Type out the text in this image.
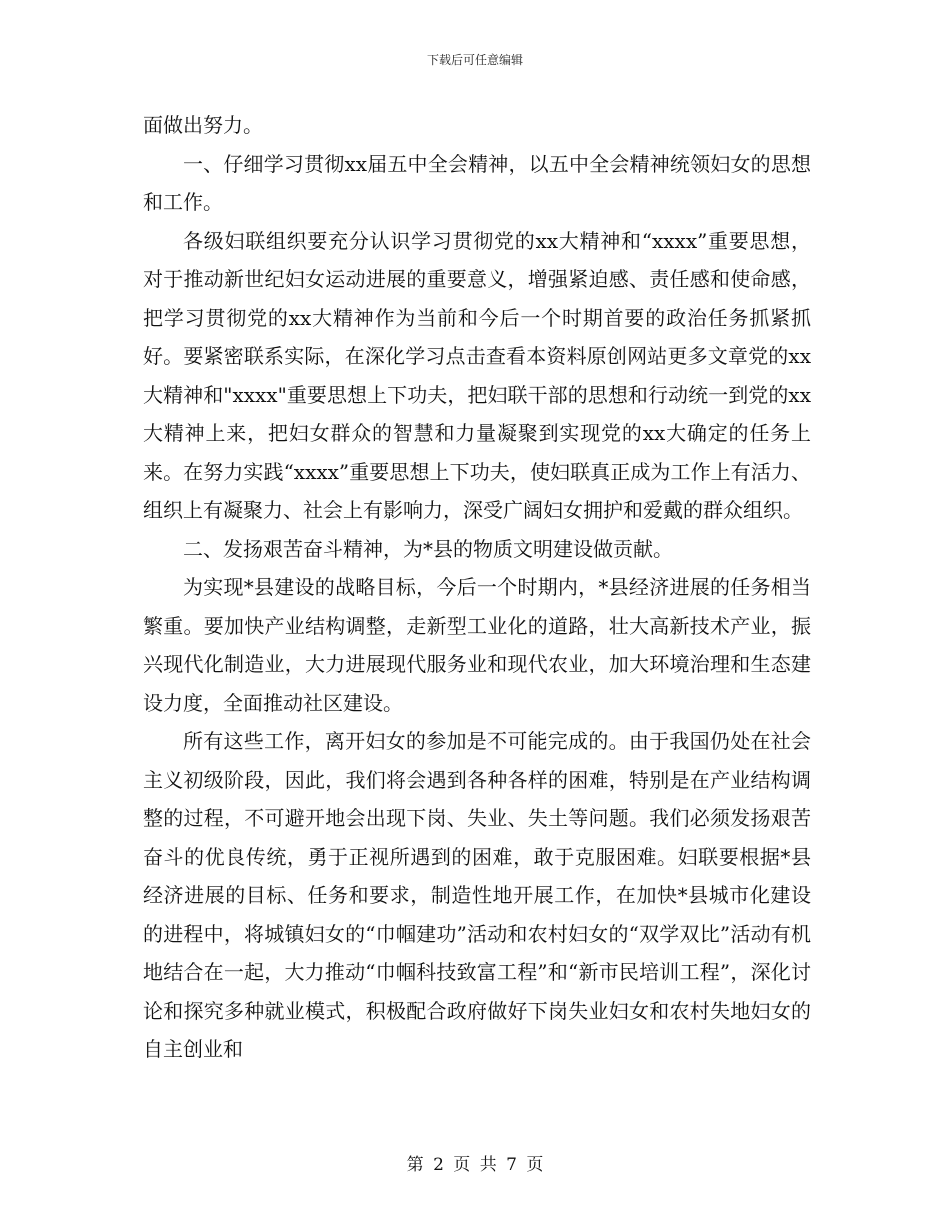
下载后可任意编辑

面做出努力。

一、仔细学习贯彻xx届五中全会精神，以五中全会精神统领妇女的思想和工作。

各级妇联组织要充分认识学习贯彻党的xx大精神和“xxxx”重要思想，对于推动新世纪妇女运动进展的重要意义，增强紧迫感、责任感和使命感，把学习贯彻党的xx大精神作为当前和今后一个时期首要的政治任务抓紧抓好。要紧密联系实际，在深化学习点击查看本资料原创网站更多文章党的xx大精神和"xxxx"重要思想上下功夫，把妇联干部的思想和行动统一到党的xx大精神上来，把妇女群众的智慧和力量凝聚到实现党的xx大确定的任务上来。在努力实践“xxxx”重要思想上下功夫，使妇联真正成为工作上有活力、组织上有凝聚力、社会上有影响力，深受广阔妇女拥护和爱戴的群众组织。

二、发扬艰苦奋斗精神，为*县的物质文明建设做贡献。

为实现*县建设的战略目标，今后一个时期内，*县经济进展的任务相当繁重。要加快产业结构调整，走新型工业化的道路，壮大高新技术产业，振兴现代化制造业，大力进展现代服务业和现代农业，加大环境治理和生态建设力度，全面推动社区建设。

所有这些工作，离开妇女的参加是不可能完成的。由于我国仍处在社会主义初级阶段，因此，我们将会遇到各种各样的困难，特别是在产业结构调整的过程，不可避开地会出现下岗、失业、失土等问题。我们必须发扬艰苦奋斗的优良传统，勇于正视所遇到的困难，敢于克服困难。妇联要根据*县经济进展的目标、任务和要求，制造性地开展工作，在加快*县城市化建设的进程中，将城镇妇女的“巾帼建功”活动和农村妇女的“双学双比”活动有机地结合在一起，大力推动“巾帼科技致富工程”和“新市民培训工程”，深化讨论和探究多种就业模式，积极配合政府做好下岗失业妇女和农村失地妇女的自主创业和

第 2 页 共 7 页
